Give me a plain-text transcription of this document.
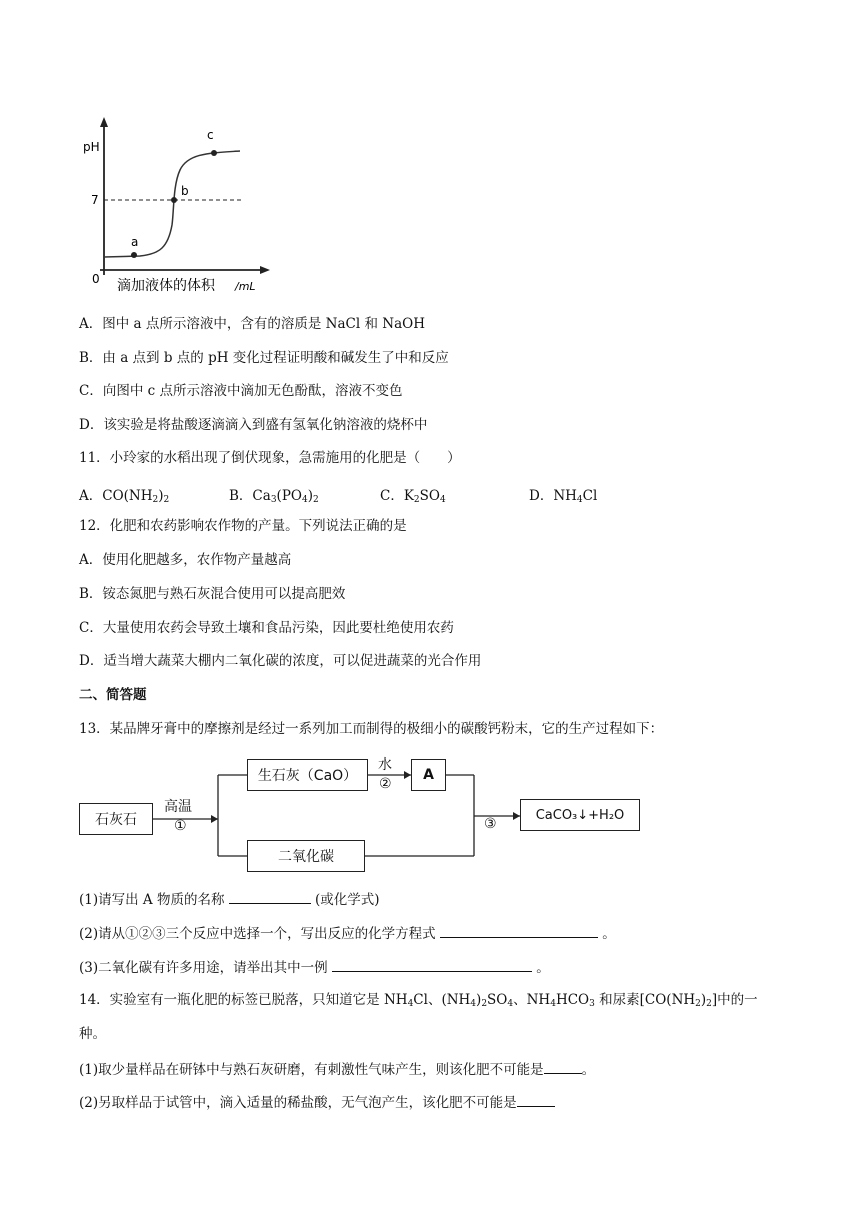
pH
7
0
a
b
c
滴加液体的体积 /mL
A．图中 a 点所示溶液中，含有的溶质是 NaCl 和 NaOH
B．由 a 点到 b 点的 pH 变化过程证明酸和碱发生了中和反应
C．向图中 c 点所示溶液中滴加无色酚酞，溶液不变色
D．该实验是将盐酸逐滴滴入到盛有氢氧化钠溶液的烧杯中
11．小玲家的水稻出现了倒伏现象，急需施用的化肥是（　　）
A．$CO(NH_2)_2$	B．$Ca_3(PO_4)_2$	C．$K_2SO_4$	D．$NH_4Cl$
12．化肥和农药影响农作物的产量。下列说法正确的是
A．使用化肥越多，农作物产量越高
B．铵态氮肥与熟石灰混合使用可以提高肥效
C．大量使用农药会导致土壤和食品污染，因此要杜绝使用农药
D．适当增大蔬菜大棚内二氧化碳的浓度，可以促进蔬菜的光合作用
二、简答题
13．某品牌牙膏中的摩擦剂是经过一系列加工而制得的极细小的碳酸钙粉末，它的生产过程如下：
石灰石
高温
①
生石灰（CaO）
水
②
A
二氧化碳
③
CaCO₃↓+H₂O
(1)请写出 A 物质的名称	(或化学式)
(2)请从①②③三个反应中选择一个，写出反应的化学方程式	。
(3)二氧化碳有许多用途，请举出其中一例	。
14．实验室有一瓶化肥的标签已脱落，只知道它是 $NH_4Cl$、$(NH_4)_2SO_4$、$NH_4HCO_3$ 和尿素$[CO(NH_2)_2]$中的一
种。
(1)取少量样品在研钵中与熟石灰研磨，有刺激性气味产生，则该化肥不可能是	。
(2)另取样品于试管中，滴入适量的稀盐酸，无气泡产生，该化肥不可能是
